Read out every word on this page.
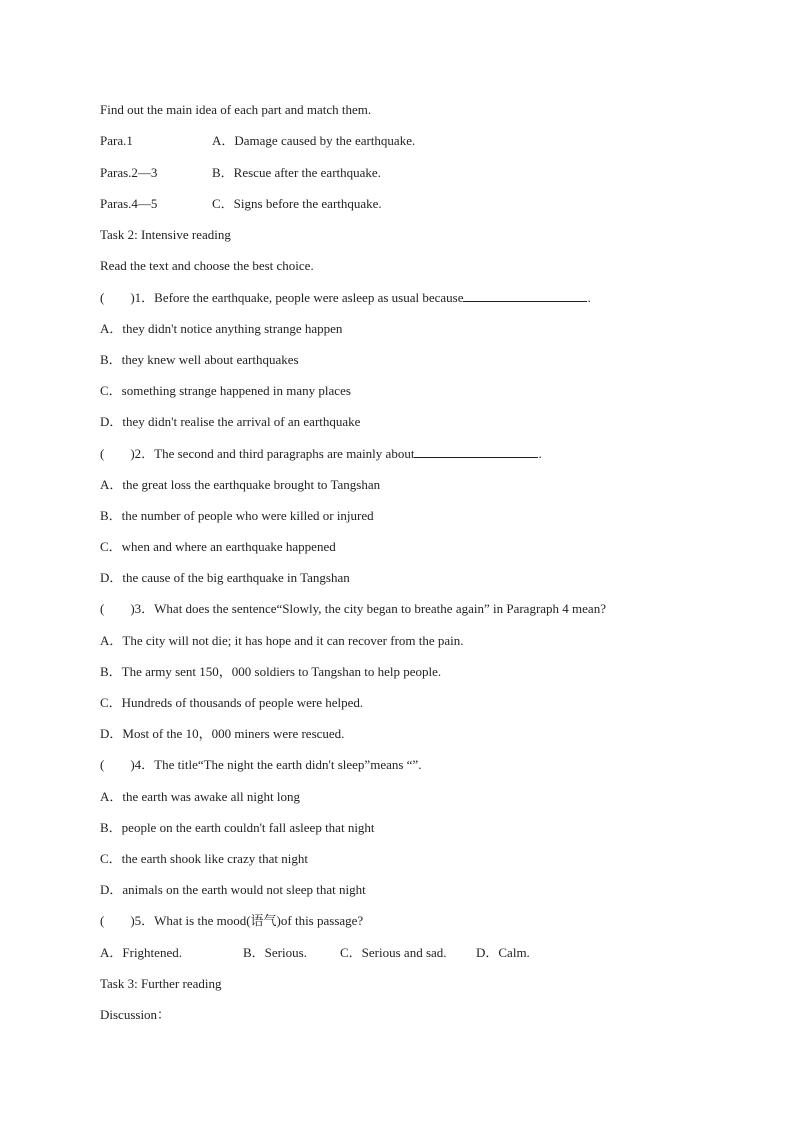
Find out the main idea of each part and match them.
Para.1	A．Damage caused by the earthquake.
Paras.2—3	B．Rescue after the earthquake.
Paras.4—5	C．Signs before the earthquake.
Task 2: Intensive reading
Read the text and choose the best choice.
(　　)1．Before the earthquake, people were asleep as usual because	.
A．they didn't notice anything strange happen
B．they knew well about earthquakes
C．something strange happened in many places
D．they didn't realise the arrival of an earthquake
(　　)2．The second and third paragraphs are mainly about	.
A．the great loss the earthquake brought to Tangshan
B．the number of people who were killed or injured
C．when and where an earthquake happened
D．the cause of the big earthquake in Tangshan
(　　)3．What does the sentence“Slowly, the city began to breathe again” in Paragraph 4 mean?
A．The city will not die; it has hope and it can recover from the pain.
B．The army sent 150，000 soldiers to Tangshan to help people.
C．Hundreds of thousands of people were helped.
D．Most of the 10，000 miners were rescued.
(　　)4．The title“The night the earth didn't sleep”means “”.
A．the earth was awake all night long
B．people on the earth couldn't fall asleep that night
C．the earth shook like crazy that night
D．animals on the earth would not sleep that night
(　　)5．What is the mood(语气)of this passage?
A．Frightened.	B．Serious.	C．Serious and sad. D．Calm.
Task 3: Further reading
Discussion：
